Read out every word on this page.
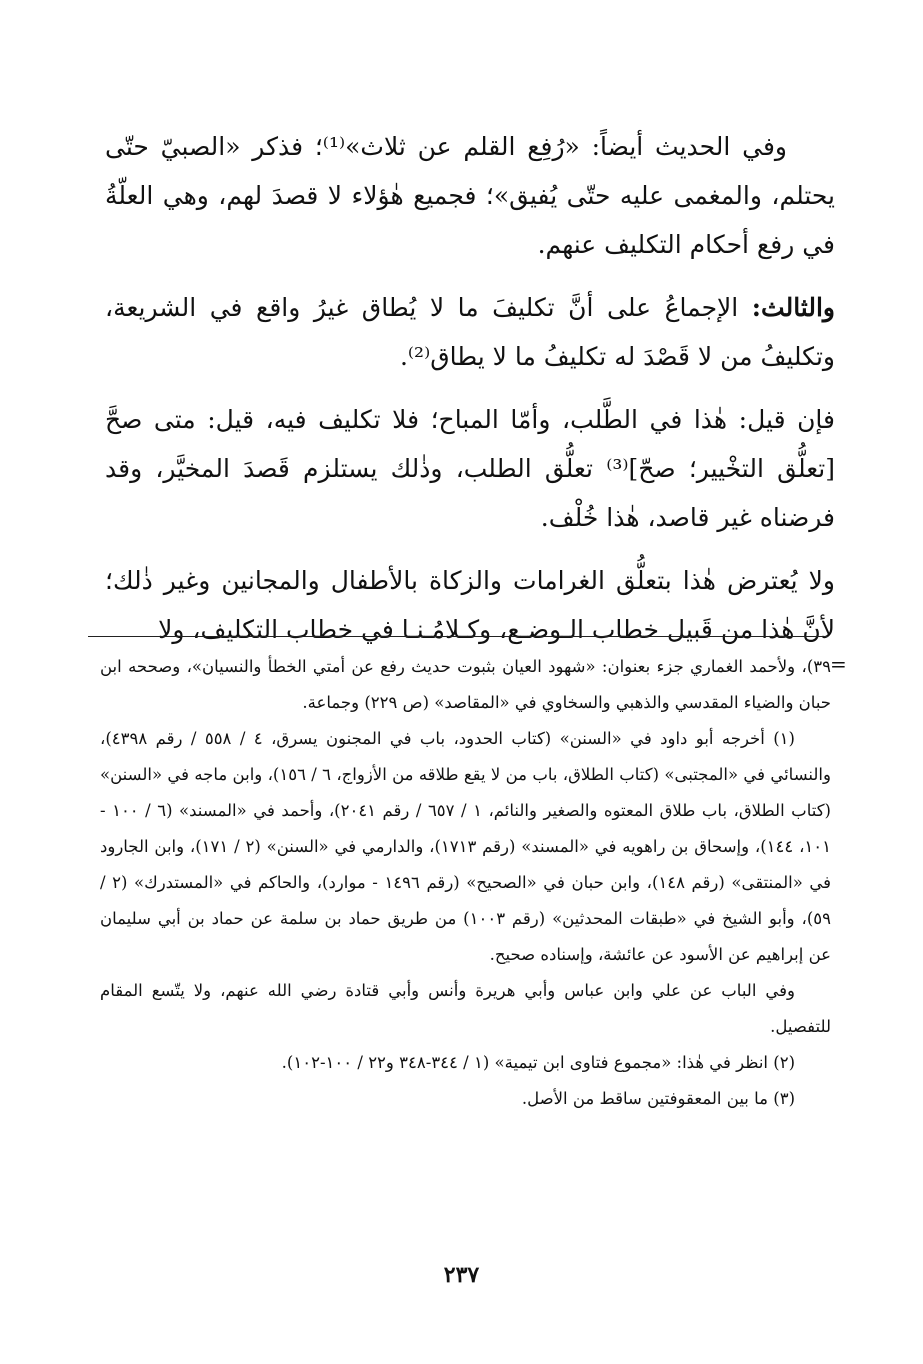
وفي الحديث أيضاً: «رُفِع القلم عن ثلاث»⁽¹⁾؛ فذكر «الصبيّ حتّى يحتلم، والمغمى عليه حتّى يُفيق»؛ فجميع هٰؤلاء لا قصدَ لهم، وهي العلّةُ في رفع أحكام التكليف عنهم.

والثالث: الإجماعُ على أنَّ تكليفَ ما لا يُطاق غيرُ واقع في الشريعة، وتكليفُ من لا قَصْدَ له تكليفُ ما لا يطاق⁽²⁾.

فإن قيل: هٰذا في الطَّلب، وأمّا المباح؛ فلا تكليف فيه، قيل: متى صحَّ [تعلُّق التخْيير؛ صحّ]⁽³⁾ تعلُّق الطلب، وذٰلك يستلزم قَصدَ المخيَّر، وقد فرضناه غير قاصد، هٰذا خُلْف.

ولا يُعترض هٰذا بتعلُّق الغرامات والزكاة بالأطفال والمجانين وغير ذٰلك؛ لأنَّ هٰذا من قَبيل خطاب الـوضـع، وكـلامُـنـا في خطاب التكليف، ولا

=

٣٩)، ولأحمد الغماري جزء بعنوان: «شهود العيان بثبوت حديث رفع عن أمتي الخطأ والنسيان»، وصححه ابن حبان والضياء المقدسي والذهبي والسخاوي في «المقاصد» (ص ٢٢٩) وجماعة.

(١) أخرجه أبو داود في «السنن» (كتاب الحدود، باب في المجنون يسرق، ٤ / ٥٥٨ / رقم ٤٣٩٨)، والنسائي في «المجتبى» (كتاب الطلاق، باب من لا يقع طلاقه من الأزواج، ٦ / ١٥٦)، وابن ماجه في «السنن» (كتاب الطلاق، باب طلاق المعتوه والصغير والنائم، ١ / ٦٥٧ / رقم ٢٠٤١)، وأحمد في «المسند» (٦ / ١٠٠ - ١٠١، ١٤٤)، وإسحاق بن راهويه في «المسند» (رقم ١٧١٣)، والدارمي في «السنن» (٢ / ١٧١)، وابن الجارود في «المنتقى» (رقم ١٤٨)، وابن حبان في «الصحيح» (رقم ١٤٩٦ - موارد)، والحاكم في «المستدرك» (٢ / ٥٩)، وأبو الشيخ في «طبقات المحدثين» (رقم ١٠٠٣) من طريق حماد بن سلمة عن حماد بن أبي سليمان عن إبراهيم عن الأسود عن عائشة، وإسناده صحيح.

وفي الباب عن علي وابن عباس وأبي هريرة وأنس وأبي قتادة رضي الله عنهم، ولا يتّسع المقام للتفصيل.

(٢) انظر في هٰذا: «مجموع فتاوى ابن تيمية» (١ / ٣٤٤-٣٤٨ و٢٢ / ١٠٠-١٠٢).

(٣) ما بين المعقوفتين ساقط من الأصل.

٢٣٧
